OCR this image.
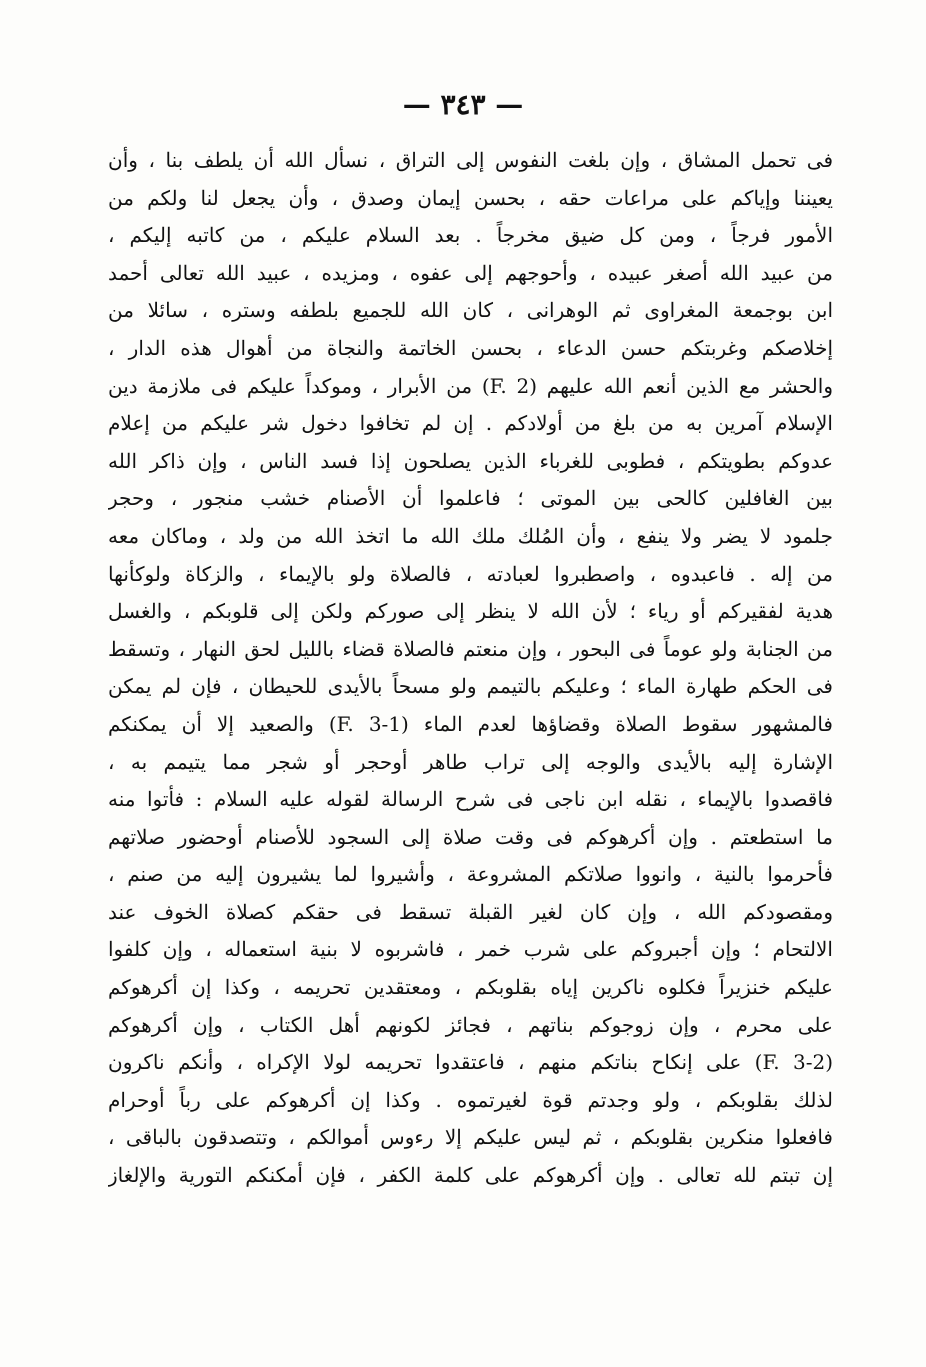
— ٣٤٣ —
فى تحمل المشاق ، وإن بلغت النفوس إلى التراق ، نسأل الله أن يلطف بنا ، وأن
يعيننا وإياكم على مراعات حقه ، بحسن إيمان وصدق ، وأن يجعل لنا ولكم من
الأمور فرجاً ، ومن كل ضيق مخرجاً . بعد السلام عليكم ، من كاتبه إليكم ،
من عبيد الله أصغر عبيده ، وأحوجهم إلى عفوه ، ومزيده ، عبيد الله تعالى أحمد
ابن بوجمعة المغراوى ثم الوهرانى ، كان الله للجميع بلطفه وستره ، سائلا من
إخلاصكم وغربتكم حسن الدعاء ، بحسن الخاتمة والنجاة من أهوال هذه الدار ،
والحشر مع الذين أنعم الله عليهم (F. 2) من الأبرار ، وموكداً عليكم فى ملازمة دين
الإسلام آمرين به من بلغ من أولادكم . إن لم تخافوا دخول شر عليكم من إعلام
عدوكم بطويتكم ، فطوبى للغرباء الذين يصلحون إذا فسد الناس ، وإن ذاكر الله
بين الغافلين كالحى بين الموتى ؛ فاعلموا أن الأصنام خشب منجور ، وحجر
جلمود لا يضر ولا ينفع ، وأن المُلك ملك الله ما اتخذ الله من ولد ، وماكان معه
من إله . فاعبدوه ، واصطبروا لعبادته ، فالصلاة ولو بالإيماء ، والزكاة ولوكأنها
هدية لفقيركم أو رياء ؛ لأن الله لا ينظر إلى صوركم ولكن إلى قلوبكم ، والغسل
من الجنابة ولو عوماً فى البحور ، وإن منعتم فالصلاة قضاء بالليل لحق النهار ، وتسقط
فى الحكم طهارة الماء ؛ وعليكم بالتيمم ولو مسحاً بالأيدى للحيطان ، فإن لم يمكن
فالمشهور سقوط الصلاة وقضاؤها لعدم الماء (F. 3-1) والصعيد إلا أن يمكنكم
الإشارة إليه بالأيدى والوجه إلى تراب طاهر أوحجر أو شجر مما يتيمم به ،
فاقصدوا بالإيماء ، نقله ابن ناجى فى شرح الرسالة لقوله عليه السلام : فأتوا منه
ما استطعتم . وإن أكرهوكم فى وقت صلاة إلى السجود للأصنام أوحضور صلاتهم
فأحرموا بالنية ، وانووا صلاتكم المشروعة ، وأشيروا لما يشيرون إليه من صنم ،
ومقصودكم الله ، وإن كان لغير القبلة تسقط فى حقكم كصلاة الخوف عند
الالتحام ؛ وإن أجبروكم على شرب خمر ، فاشربوه لا بنية استعماله ، وإن كلفوا
عليكم خنزيراً فكلوه ناكرين إياه بقلوبكم ، ومعتقدين تحريمه ، وكذا إن أكرهوكم
على محرم ، وإن زوجوكم بناتهم ، فجائز لكونهم أهل الكتاب ، وإن أكرهوكم
(F. 3-2) على إنكاح بناتكم منهم ، فاعتقدوا تحريمه لولا الإكراه ، وأنكم ناكرون
لذلك بقلوبكم ، ولو وجدتم قوة لغيرتموه . وكذا إن أكرهوكم على رباً أوحرام
فافعلوا منكرين بقلوبكم ، ثم ليس عليكم إلا رءوس أموالكم ، وتتصدقون بالباقى ،
إن تبتم لله تعالى . وإن أكرهوكم على كلمة الكفر ، فإن أمكنكم التورية والإلغاز
